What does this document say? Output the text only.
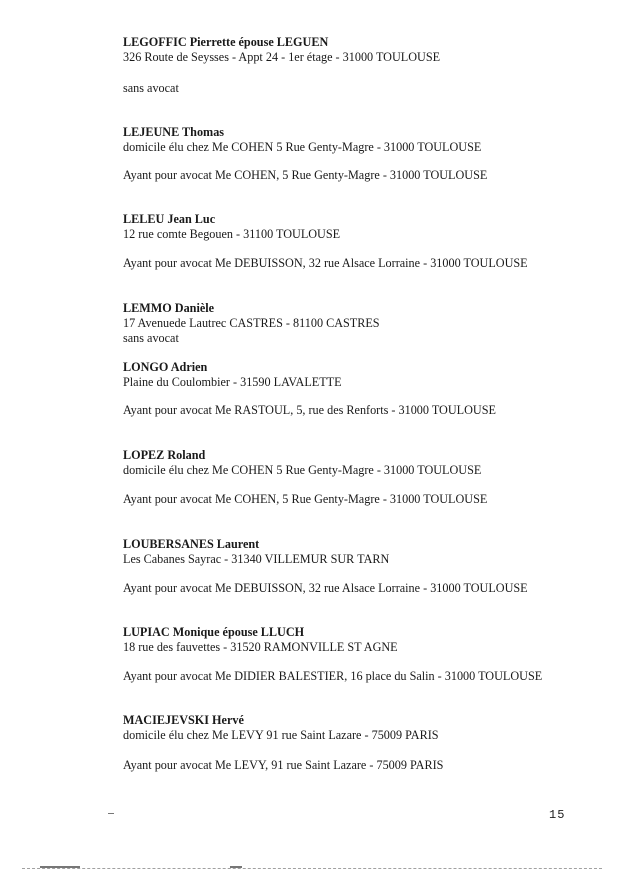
LEGOFFIC Pierrette épouse LEGUEN
326 Route de Seysses - Appt 24 - 1er étage - 31000 TOULOUSE
sans avocat
LEJEUNE Thomas
domicile élu chez Me COHEN 5 Rue Genty-Magre - 31000 TOULOUSE
Ayant pour avocat Me COHEN, 5 Rue Genty-Magre - 31000 TOULOUSE
LELEU Jean Luc
12 rue comte Begouen - 31100 TOULOUSE
Ayant pour avocat Me DEBUISSON, 32 rue Alsace Lorraine - 31000 TOULOUSE
LEMMO Danièle
17 Avenuede Lautrec CASTRES - 81100 CASTRES
sans avocat
LONGO Adrien
Plaine du Coulombier - 31590 LAVALETTE
Ayant pour avocat Me RASTOUL, 5, rue des Renforts - 31000 TOULOUSE
LOPEZ Roland
domicile élu chez Me COHEN 5 Rue Genty-Magre - 31000 TOULOUSE
Ayant pour avocat Me COHEN, 5 Rue Genty-Magre - 31000 TOULOUSE
LOUBERSANES Laurent
Les Cabanes Sayrac - 31340 VILLEMUR SUR TARN
Ayant pour avocat Me DEBUISSON, 32 rue Alsace Lorraine - 31000 TOULOUSE
LUPIAC Monique épouse LLUCH
18 rue des fauvettes - 31520 RAMONVILLE ST AGNE
Ayant pour avocat Me DIDIER BALESTIER, 16 place du Salin - 31000 TOULOUSE
MACIEJEVSKI Hervé
domicile élu chez Me LEVY 91 rue Saint Lazare - 75009 PARIS
Ayant pour avocat Me LEVY, 91 rue Saint Lazare - 75009 PARIS
15
